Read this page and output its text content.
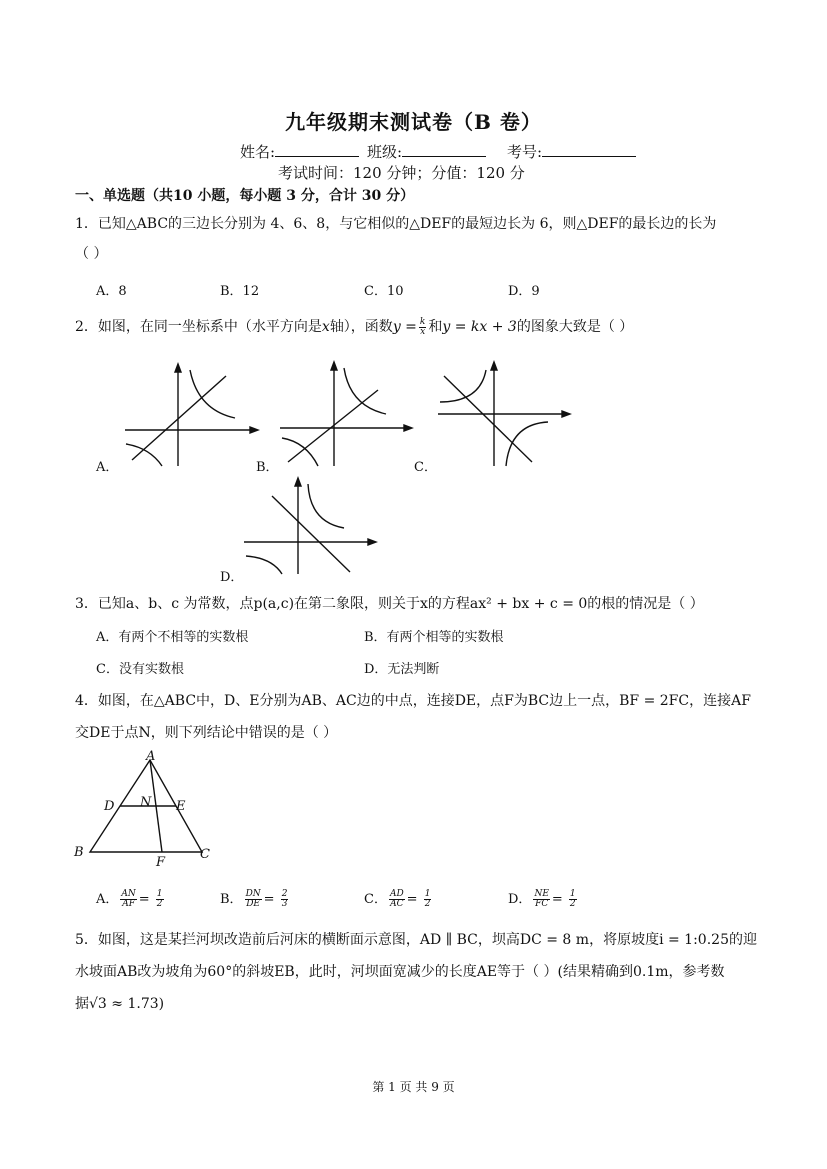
九年级期末测试卷（B 卷）
姓名:	班级:	考号:
考试时间：120 分钟；分值：120 分
一、单选题（共10 小题，每小题 3 分，合计 30 分）
1．已知△ABC的三边长分别为 4、6、8，与它相似的△DEF的最短边长为 6，则△DEF的最长边的长为
（ ）
A．8	B．12	C．10	D．9
2．如图，在同一坐标系中（水平方向是x轴），函数$y = \frac{k}{x}$ 和y = kx + 3的图象大致是（ ）
A．	B．	C．
D．
3．已知a、b、c 为常数，点p(a,c)在第二象限，则关于x的方程ax² + bx + c = 0的根的情况是（ ）
A．有两个不相等的实数根	B．有两个相等的实数根
C．没有实数根	D．无法判断
4．如图，在△ABC中，D、E分别为AB、AC边的中点，连接DE，点F为BC边上一点，BF = 2FC，连接AF
交DE于点N，则下列结论中错误的是（ ）
A
D N E
B
F
C
A． $\frac{AN}{AF} = \frac{1}{2}$	B． $\frac{DN}{DE} = \frac{2}{3}$	C． $\frac{AD}{AC} = \frac{1}{2}$	D． $\frac{NE}{FC} = \frac{1}{2}$
5．如图，这是某拦河坝改造前后河床的横断面示意图，AD ∥ BC，坝高DC = 8 m，将原坡度i = 1:0.25的迎
水坡面AB改为坡角为60°的斜坡EB，此时，河坝面宽减少的长度AE等于（ ）(结果精确到0.1m，参考数
据√3 ≈ 1.73)
第 1 页 共 9 页
